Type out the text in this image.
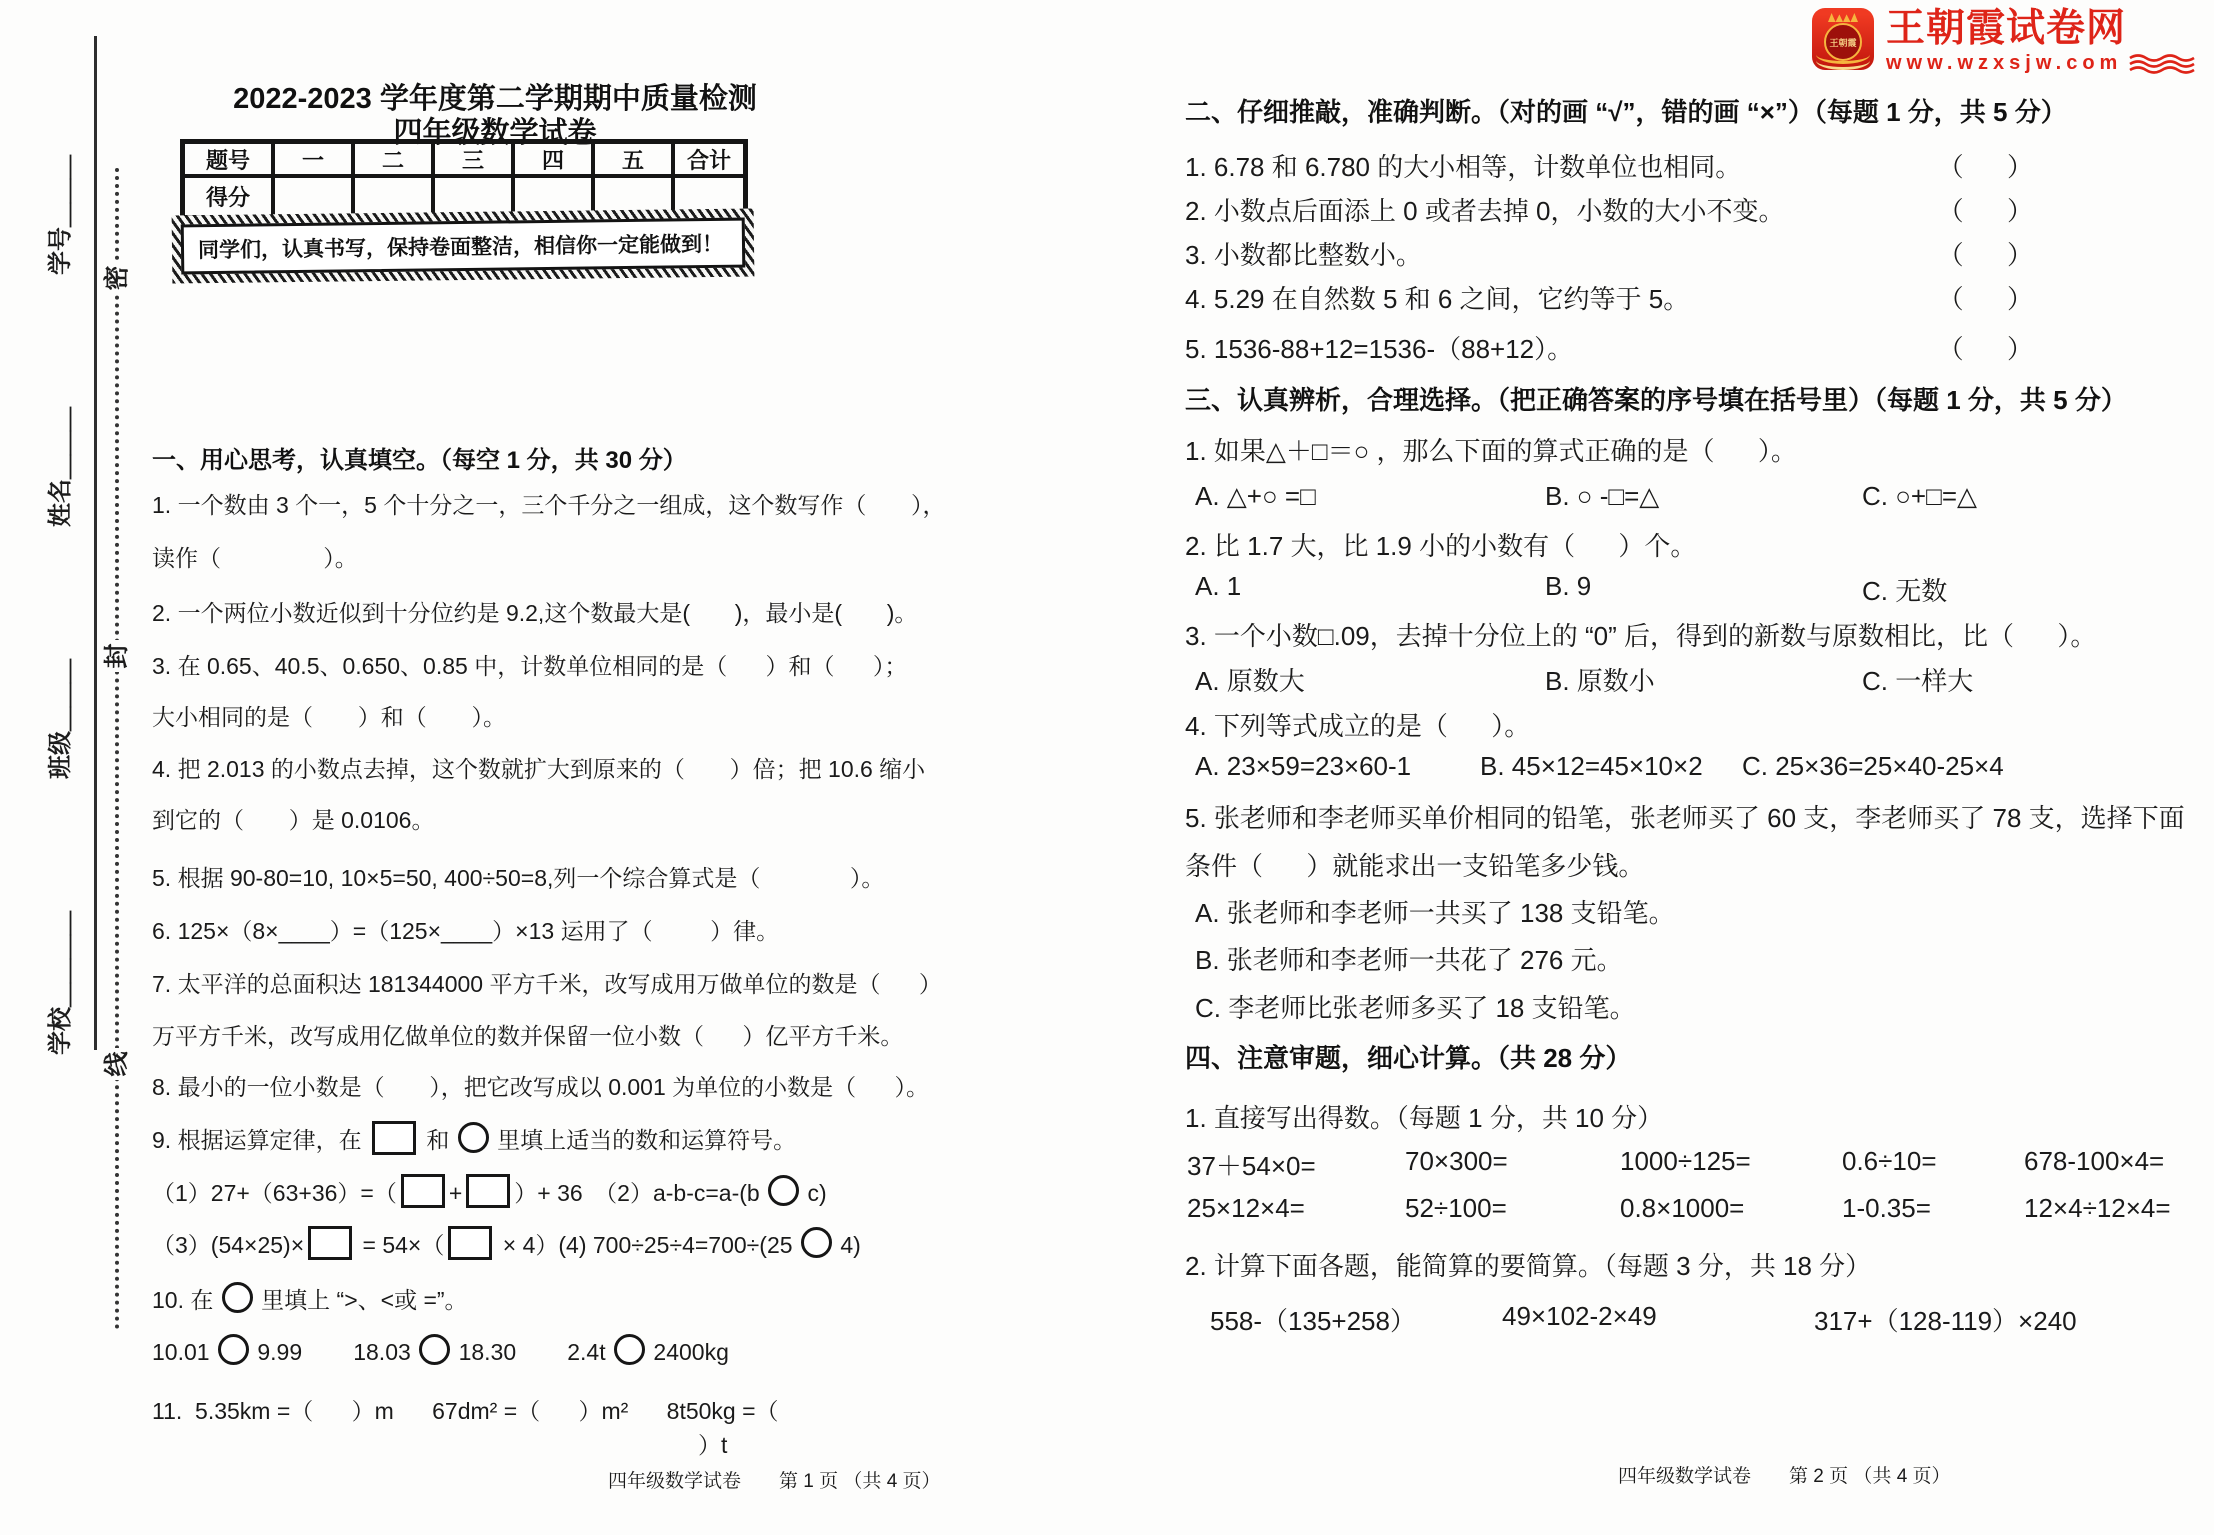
学校＿＿＿＿
班级＿＿＿
姓名＿＿＿
学号＿＿＿
密
封
线
王朝霞 王朝霞试卷网
www.wzxsjw.com
2022-2023 学年度第二学期期中质量检测
四年级数学试卷
题号	一	二	三	四	五	合计
得分
同学们，认真书写，保持卷面整洁，相信你一定能做到！
一、用心思考，认真填空。（每空 1 分，共 30 分）
1. 一个数由 3 个一，5 个十分之一，三个千分之一组成，这个数写作（       ），
读作（                ）。
2. 一个两位小数近似到十分位约是 9.2,这个数最大是(       )，最小是(       )。
3. 在 0.65、40.5、0.650、0.85 中，计数单位相同的是（      ）和（      ）；
大小相同的是（       ）和（       ）。
4. 把 2.013 的小数点去掉，这个数就扩大到原来的（       ）倍；把 10.6 缩小
到它的（       ）是 0.0106。
5. 根据 90-80=10, 10×5=50, 400÷50=8,列一个综合算式是（              ）。
6. 125×（8×____）=（125×____）×13 运用了（         ）律。
7. 太平洋的总面积达 181344000 平方千米，改写成用万做单位的数是（      ）
万平方千米，改写成用亿做单位的数并保留一位小数（      ）亿平方千米。
8. 最小的一位小数是（       ），把它改写成以 0.001 为单位的小数是（      ）。
9. 根据运算定律，在  和  里填上适当的数和运算符号。
（1）27+（63+36）=（ + ）+ 36　（2）a-b-c=a-(b  c)
（3）(54×25)× = 54×（ × 4）(4) 700÷25÷4=700÷(25  4)
10. 在  里填上 “>、<或 =”。
10.01  9.99        18.03  18.30        2.4t  2400kg
11.  5.35km =（      ）m      67dm² =（      ）m²      8t50kg =（
）t
二、仔细推敲，准确判断。（对的画 “√”，错的画 “×”）（每题 1 分，共 5 分）
1. 6.78 和 6.780 的大小相等，计数单位也相同。	（      ）
2. 小数点后面添上 0 或者去掉 0，小数的大小不变。	（      ）
3. 小数都比整数小。	（      ）
4. 5.29 在自然数 5 和 6 之间，它约等于 5。	（      ）
5. 1536-88+12=1536-（88+12）。	（      ）
三、认真辨析，合理选择。（把正确答案的序号填在括号里）（每题 1 分，共 5 分）
1. 如果△＋□＝○ ，那么下面的算式正确的是（      ）。
A. △+○ =□	B. ○ -□=△	C. ○+□=△
2. 比 1.7 大，比 1.9 小的小数有（      ）个。
A. 1	B. 9	C. 无数
3. 一个小数□.09，去掉十分位上的 “0” 后，得到的新数与原数相比，比（      ）。
A. 原数大	B. 原数小	C. 一样大
4. 下列等式成立的是（      ）。
A. 23×59=23×60-1	B. 45×12=45×10×2	C. 25×36=25×40-25×4
5. 张老师和李老师买单价相同的铅笔，张老师买了 60 支，李老师买了 78 支，选择下面
条件（      ）就能求出一支铅笔多少钱。
A. 张老师和李老师一共买了 138 支铅笔。
B. 张老师和李老师一共花了 276 元。
C. 李老师比张老师多买了 18 支铅笔。
四、注意审题，细心计算。（共 28 分）
1. 直接写出得数。（每题 1 分，共 10 分）
37＋54×0=	70×300=	1000÷125=	0.6÷10=	678-100×4=
25×12×4=	52÷100=	0.8×1000=	1-0.35=	12×4÷12×4=
2. 计算下面各题，能简算的要简算。（每题 3 分，共 18 分）
558-（135+258）	49×102-2×49	317+（128-119）×240
四年级数学试卷 第 1 页 （共 4 页）	四年级数学试卷 第 2 页 （共 4 页）
